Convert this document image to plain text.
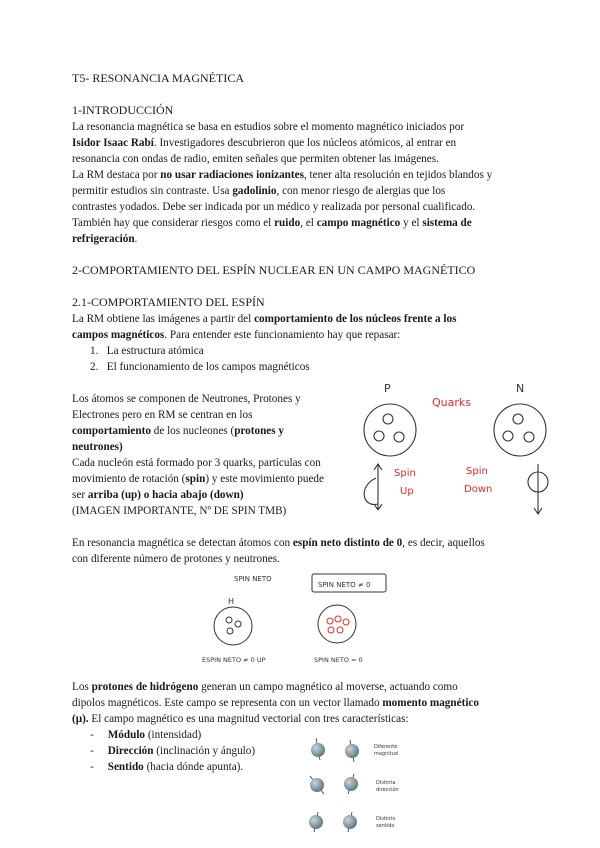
T5- RESONANCIA MAGNÉTICA
1-INTRODUCCIÓN
La resonancia magnética se basa en estudios sobre el momento magnético iniciados por
Isidor Isaac Rabí. Investigadores descubrieron que los núcleos atómicos, al entrar en
resonancia con ondas de radio, emiten señales que permiten obtener las imágenes.
La RM destaca por no usar radiaciones ionizantes, tener alta resolución en tejidos blandos y
permitir estudios sin contraste. Usa gadolinio, con menor riesgo de alergias que los
contrastes yodados. Debe ser indicada por un médico y realizada por personal cualificado.
También hay que considerar riesgos como el ruido, el campo magnético y el sistema de
refrigeración.
2-COMPORTAMIENTO DEL ESPÍN NUCLEAR EN UN CAMPO MAGNÉTICO
2.1-COMPORTAMIENTO DEL ESPÍN
La RM obtiene las imágenes a partir del comportamiento de los núcleos frente a los
campos magnéticos. Para entender este funcionamiento hay que repasar:
1.   La estructura atómica
2.   El funcionamiento de los campos magnéticos
Los átomos se componen de Neutrones, Protones y
Electrones pero en RM se centran en los
comportamiento de los nucleones (protones y
neutrones)
Cada nucleón está formado por 3 quarks, partículas con
movimiento de rotación (spin) y este movimiento puede
ser arriba (up) o hacia abajo (down)
(IMAGEN IMPORTANTE, Nº DE SPIN TMB)
P	N
Quarks
Spin
Up
Spin
Down
En resonancia magnética se detectan átomos con espín neto distinto de 0, es decir, aquellos
con diferente número de protones y neutrones.
SPIN NETO
SPIN NETO ≠ 0
H
ESPIN NETO ≠ 0 UP	SPIN NETO = 0
Los protones de hidrógeno generan un campo magnético al moverse, actuando como
dipolos magnéticos. Este campo se representa con un vector llamado momento magnético
(μ). El campo magnético es una magnitud vectorial con tres características:
-     Módulo (intensidad)
-     Dirección (inclinación y ángulo)
-     Sentido (hacia dónde apunta).
Diferente
magnitud
Distinta
dirección
Distinto
sentido
